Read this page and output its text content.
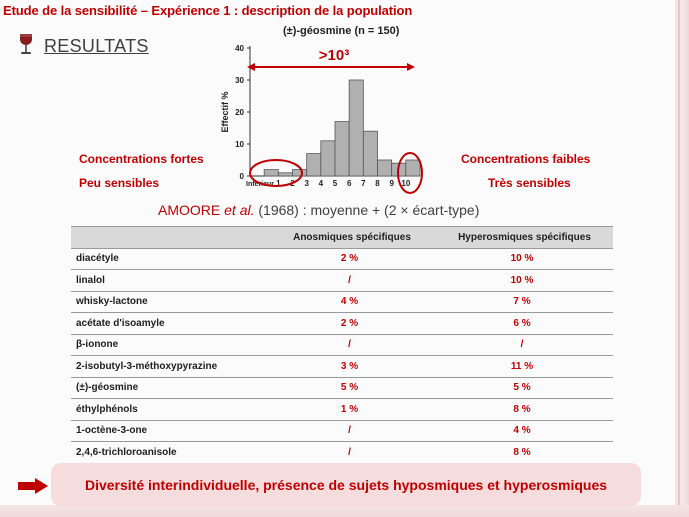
Etude de la sensibilité – Expérience 1 : description de la population
RESULTATS
(±)-géosmine (n = 150)
0
10
20
30
40
Effectif %
Inferieur 1 2 3 4 5 6 7 8 9 10
>10³
Concentrations fortes
Peu sensibles
Concentrations faibles
Très sensibles
AMOORE et al. (1968) : moyenne + (2 × écart-type)
	Anosmiques spécifiques	Hyperosmiques spécifiques
diacétyle	2 %	10 %
linalol	/	10 %
whisky-lactone	4 %	7 %
acétate d'isoamyle	2 %	6 %
β-ionone	/	/
2-isobutyl-3-méthoxypyrazine	3 %	11 %
(±)-géosmine	5 %	5 %
éthylphénols	1 %	8 %
1-octène-3-one	/	4 %
2,4,6-trichloroanisole	/	8 %
Diversité interindividuelle, présence de sujets hyposmiques et hyperosmiques
